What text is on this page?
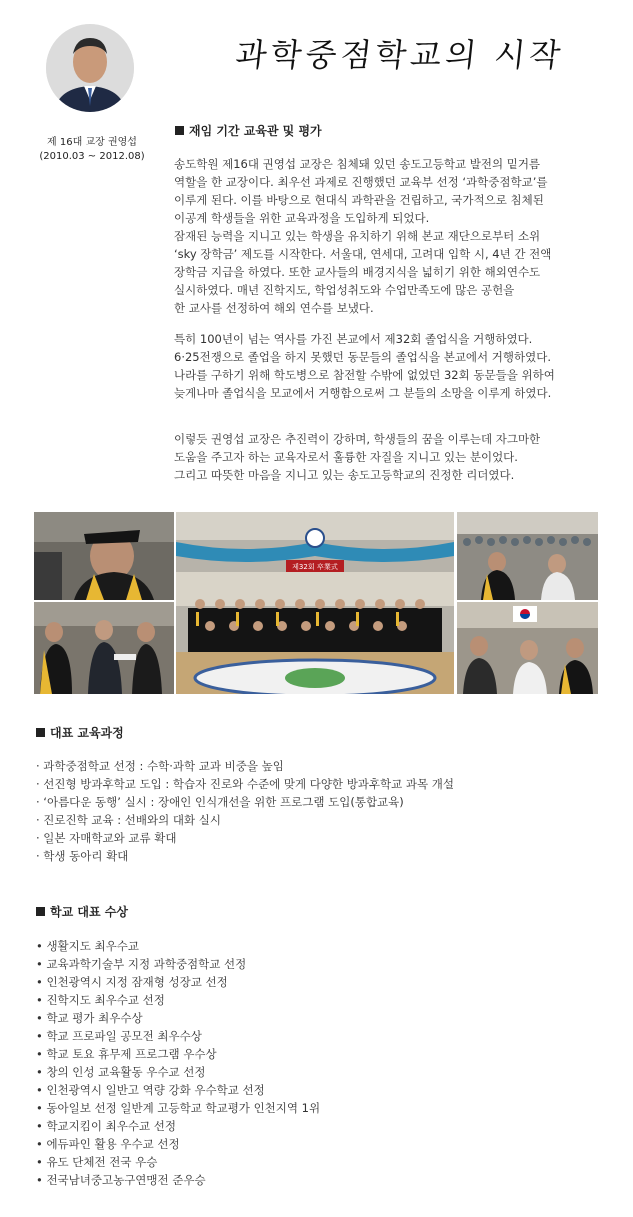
제 16대 교장 권영섭
(2010.03 ~ 2012.08)
과학중점학교의 시작
재임 기간 교육관 및 평가
송도학원 제16대 권영섭 교장은 침체돼 있던 송도고등학교 발전의 밑거름
역할을 한 교장이다. 최우선 과제로 진행했던 교육부 선정 ‘과학중점학교’를
이루게 된다. 이를 바탕으로 현대식 과학관을 건립하고, 국가적으로 침체된
이공계 학생들을 위한 교육과정을 도입하게 되었다.
잠재된 능력을 지니고 있는 학생을 유치하기 위해 본교 재단으로부터 소위
‘sky 장학금’ 제도를 시작한다. 서울대, 연세대, 고려대 입학 시, 4년 간 전액
장학금 지급을 하였다. 또한 교사들의 배경지식을 넓히기 위한 해외연수도
실시하였다. 매년 진학지도, 학업성취도와 수업만족도에 많은 공헌을
한 교사를 선정하여 해외 연수를 보냈다.
특히 100년이 넘는 역사를 가진 본교에서 제32회 졸업식을 거행하였다.
6·25전쟁으로 졸업을 하지 못했던 동문들의 졸업식을 본교에서 거행하였다.
나라를 구하기 위해 학도병으로 참전할 수밖에 없었던 32회 동문들을 위하여
늦게나마 졸업식을 모교에서 거행함으로써 그 분들의 소망을 이루게 하였다.
이렇듯 권영섭 교장은 추진력이 강하며, 학생들의 꿈을 이루는데 자그마한
도움을 주고자 하는 교육자로서 훌륭한 자질을 지니고 있는 분이었다.
그리고 따뜻한 마음을 지니고 있는 송도고등학교의 진정한 리더였다.
제32회 卒業式
대표 교육과정
· 과학중점학교 선정 : 수학·과학 교과 비중을 높임
· 선진형 방과후학교 도입 : 학습자 진로와 수준에 맞게 다양한 방과후학교 과목 개설
· ‘아름다운 동행’ 실시 : 장애인 인식개선을 위한 프로그램 도입(통합교육)
· 진로진학 교육 : 선배와의 대화 실시
· 일본 자매학교와 교류 확대
· 학생 동아리 확대
학교 대표 수상
• 생활지도 최우수교
• 교육과학기술부 지정 과학중점학교 선정
• 인천광역시 지정 잠재형 성장교 선정
• 진학지도 최우수교 선정
• 학교 평가 최우수상
• 학교 프로파일 공모전 최우수상
• 학교 토요 휴무제 프로그램 우수상
• 창의 인성 교육활동 우수교 선정
• 인천광역시 일반고 역량 강화 우수학교 선정
• 동아일보 선정 일반계 고등학교 학교평가 인천지역 1위
• 학교지킴이 최우수교 선정
• 에듀파인 활용 우수교 선정
• 유도 단체전 전국 우승
• 전국남녀중고농구연맹전 준우승
